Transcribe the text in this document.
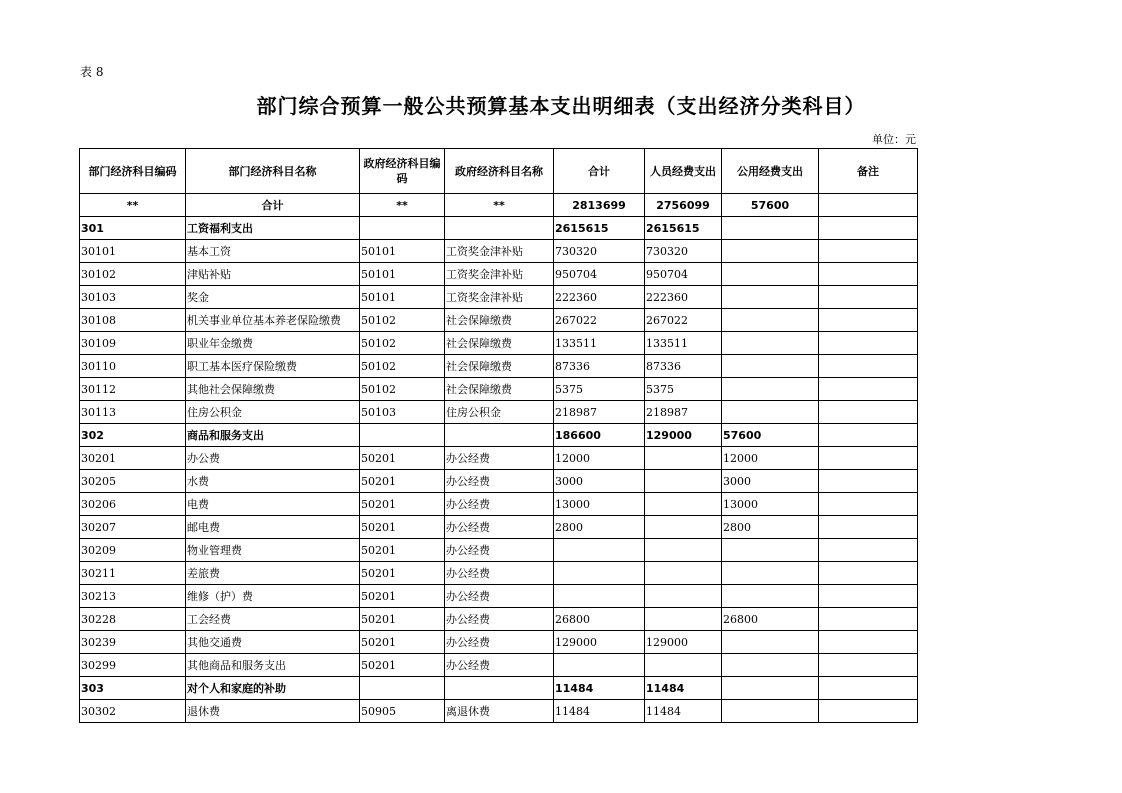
表 8
部门综合预算一般公共预算基本支出明细表（支出经济分类科目）
单位：元
部门经济科目编码	部门经济科目名称	政府经济科目编码	政府经济科目名称	合计	人员经费支出	公用经费支出	备注
**	合计	**	**	2813699	2756099	57600	
301	工资福利支出			2615615	2615615		
30101	基本工资	50101	工资奖金津补贴	730320	730320		
30102	津贴补贴	50101	工资奖金津补贴	950704	950704		
30103	奖金	50101	工资奖金津补贴	222360	222360		
30108	机关事业单位基本养老保险缴费	50102	社会保障缴费	267022	267022		
30109	职业年金缴费	50102	社会保障缴费	133511	133511		
30110	职工基本医疗保险缴费	50102	社会保障缴费	87336	87336		
30112	其他社会保障缴费	50102	社会保障缴费	5375	5375		
30113	住房公积金	50103	住房公积金	218987	218987		
302	商品和服务支出			186600	129000	57600	
30201	办公费	50201	办公经费	12000		12000	
30205	水费	50201	办公经费	3000		3000	
30206	电费	50201	办公经费	13000		13000	
30207	邮电费	50201	办公经费	2800		2800	
30209	物业管理费	50201	办公经费				
30211	差旅费	50201	办公经费				
30213	维修（护）费	50201	办公经费				
30228	工会经费	50201	办公经费	26800		26800	
30239	其他交通费	50201	办公经费	129000	129000		
30299	其他商品和服务支出	50201	办公经费				
303	对个人和家庭的补助			11484	11484		
30302	退休费	50905	离退休费	11484	11484		
